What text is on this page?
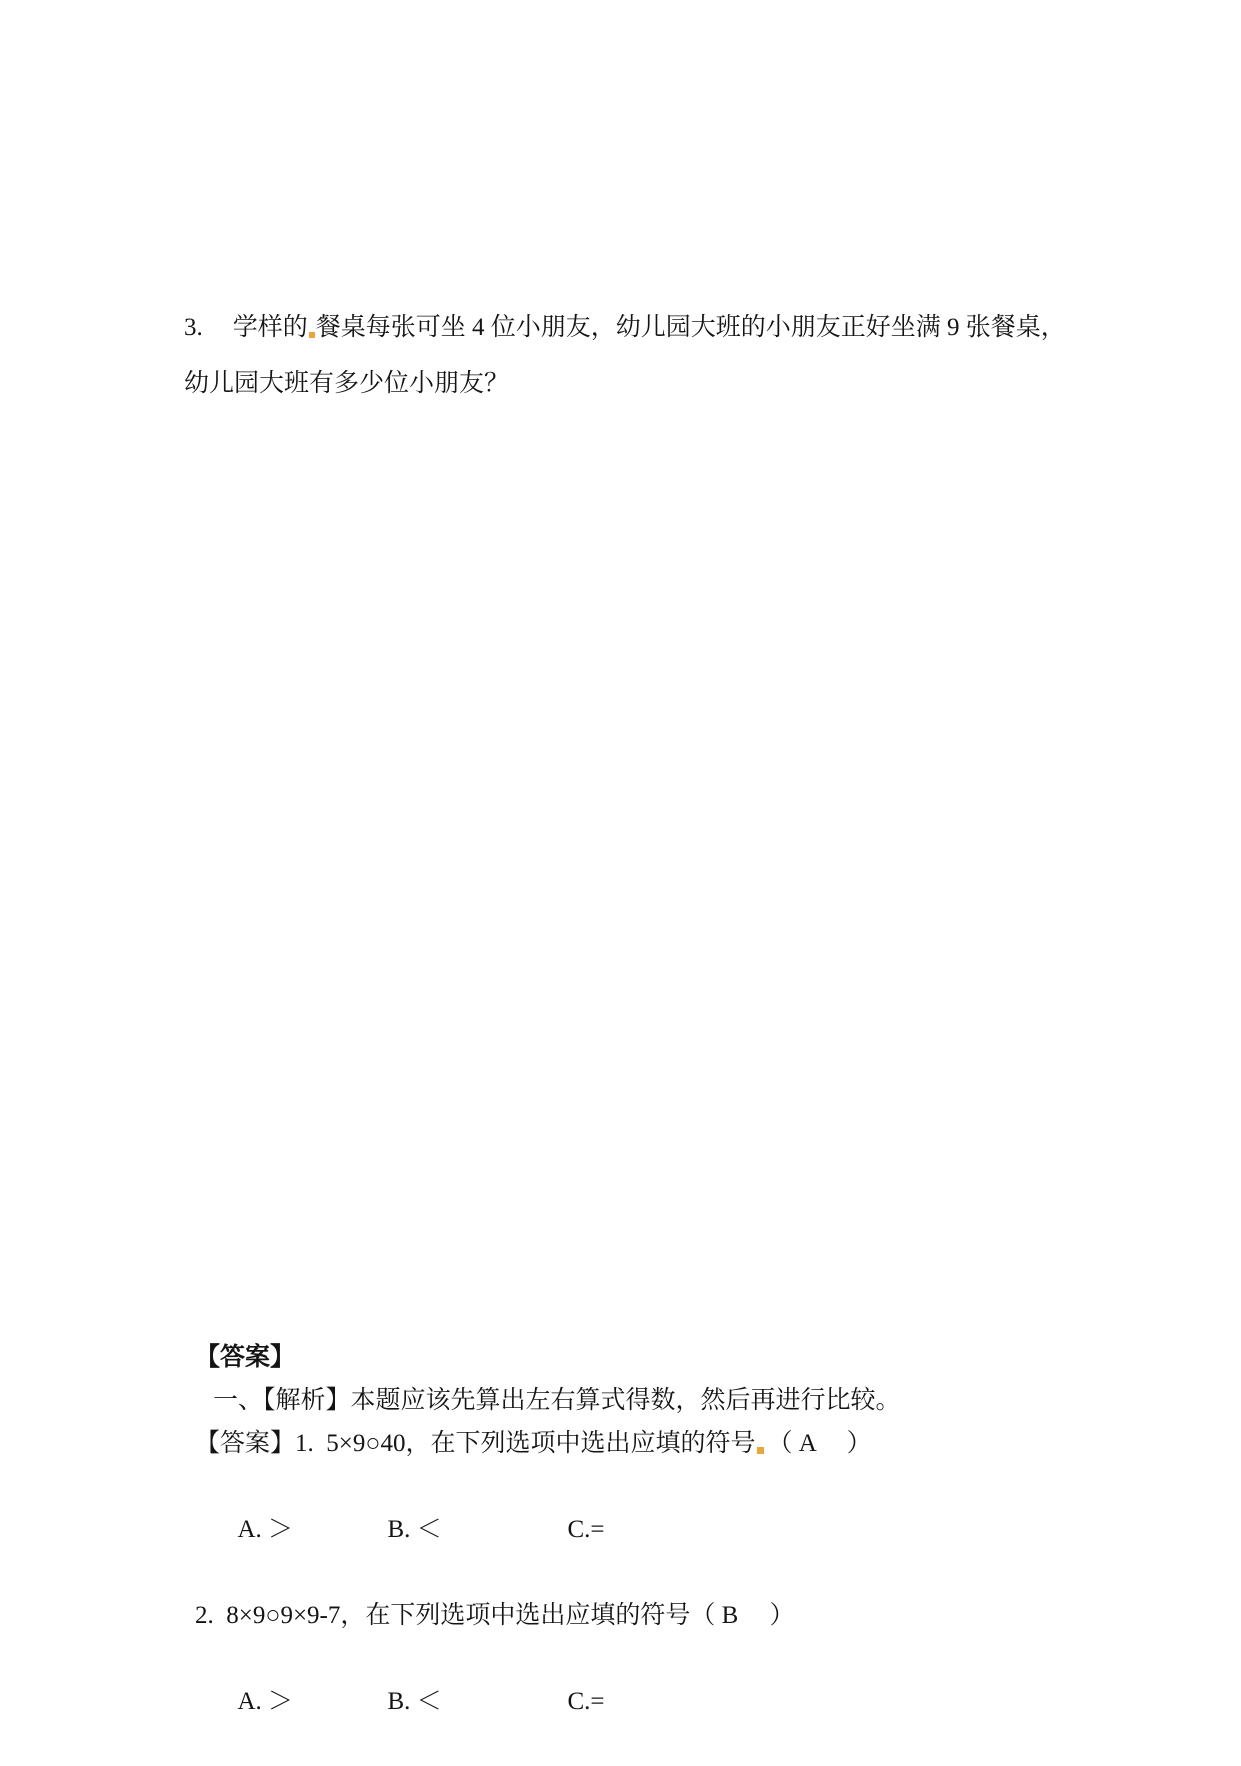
3. 学样的 餐桌每张可坐 4 位小朋友，幼儿园大班的小朋友正好坐满 9 张餐桌，

幼儿园大班有多少位小朋友？

【答案】

一、【解析】本题应该先算出左右算式得数，然后再进行比较。

【答案】1.  5×9○40，在下列选项中选出应填的符号 （ A　 ）

A. ＞	B. ＜	C.=

2.  8×9○9×9-7，在下列选项中选出应填的符号（ B　 ）

A. ＞	B. ＜	C.=
